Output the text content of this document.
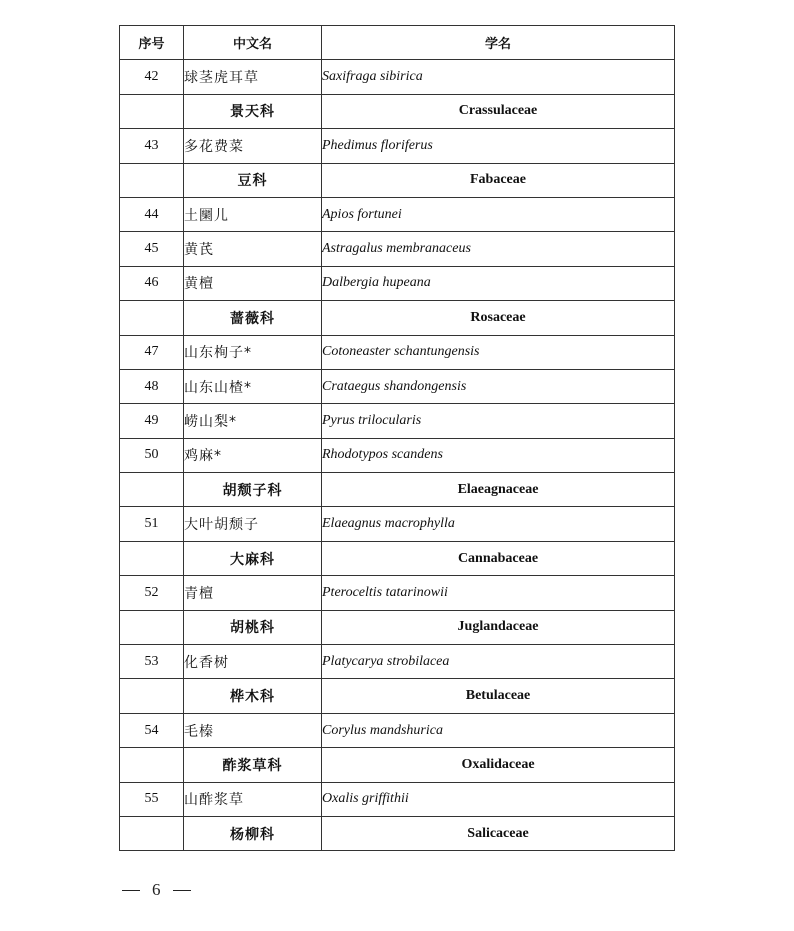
序号	中文名	学名
42	球茎虎耳草	Saxifraga sibirica
	景天科	Crassulaceae
43	多花费菜	Phedimus floriferus
	豆科	Fabaceae
44	土圞儿	Apios fortunei
45	黄芪	Astragalus membranaceus
46	黄檀	Dalbergia hupeana
	蔷薇科	Rosaceae
47	山东栒子*	Cotoneaster schantungensis
48	山东山楂*	Crataegus shandongensis
49	崂山梨*	Pyrus trilocularis
50	鸡麻*	Rhodotypos scandens
	胡颓子科	Elaeagnaceae
51	大叶胡颓子	Elaeagnus macrophylla
	大麻科	Cannabaceae
52	青檀	Pteroceltis tatarinowii
	胡桃科	Juglandaceae
53	化香树	Platycarya strobilacea
	桦木科	Betulaceae
54	毛榛	Corylus mandshurica
	酢浆草科	Oxalidaceae
55	山酢浆草	Oxalis griffithii
	杨柳科	Salicaceae
6
